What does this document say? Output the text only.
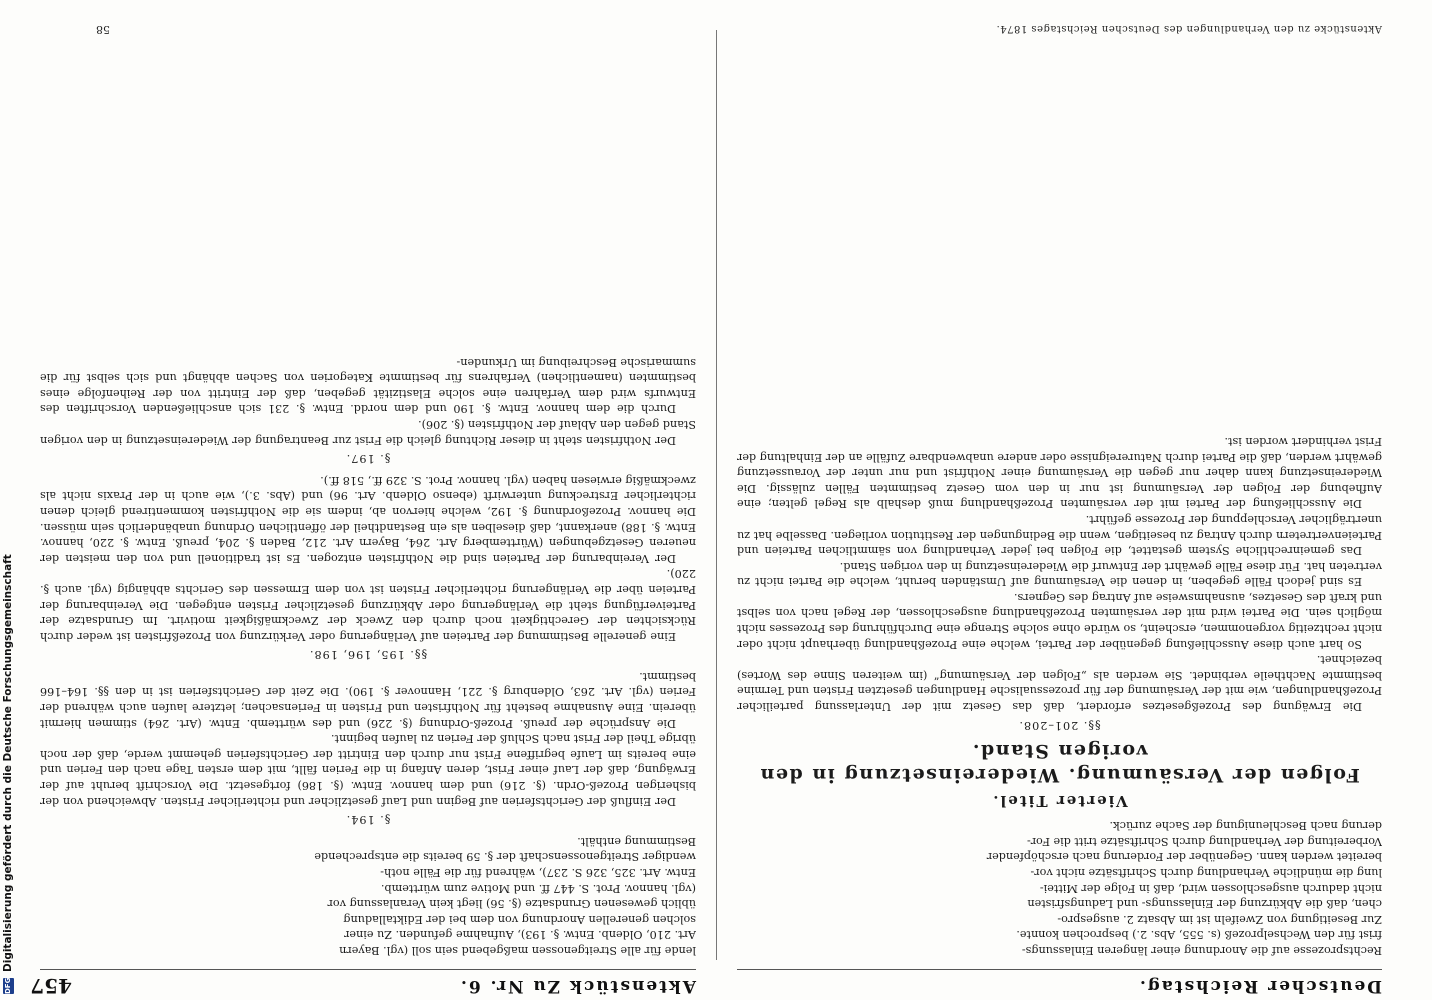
Deutscher Reichstag.
Aktenstück Zu Nr. 6.
457

Rechtsprozesse auf die Anordnung einer längeren Einlassungs-

frist für den Wechselprozeß (s. 555, Abs. 2.) besprochen konnte.

Zur Beseitigung von Zweifeln ist im Absatz 2. ausgespro-

chen, daß die Abkürzung der Einlassungs- und Ladungsfristen

nicht dadurch ausgeschlossen wird, daß in Folge der Mittei-

lung die mündliche Verhandlung durch Schriftsätze nicht vor-

bereitet werden kann. Gegenüber der Forderung nach erschöpfender

Vorbereitung der Verhandlung durch Schriftsätze tritt die For-

derung nach Beschleunigung der Sache zurück.

Vierter Titel.
Folgen der Versäumung. Wiedereinsetzung in den vorigen Stand.
§§. 201–208.

Die Erwägung des Prozeßgesetzes erfordert, daß das Gesetz mit der Unterlassung parteilicher Prozeßhandlungen, wie mit der Versäumung der für prozessualische Handlungen gesetzten Fristen und Termine bestimmte Nachtheile verbindet. Sie werden als „Folgen der Versäumung“ (im weiteren Sinne des Wortes) bezeichnet.

So hart auch diese Ausschließung gegenüber der Partei, welche eine Prozeßhandlung überhaupt nicht oder nicht rechtzeitig vorgenommen, erscheint, so würde ohne solche Strenge eine Durchführung des Prozesses nicht möglich sein. Die Partei wird mit der versäumten Prozeßhandlung ausgeschlossen, der Regel nach von selbst und kraft des Gesetzes, ausnahmsweise auf Antrag des Gegners.

Es sind jedoch Fälle gegeben, in denen die Versäumung auf Umständen beruht, welche die Partei nicht zu vertreten hat. Für diese Fälle gewährt der Entwurf die Wiedereinsetzung in den vorigen Stand.

Das gemeinrechtliche System gestattet, die Folgen bei jeder Verhandlung von sämmtlichen Parteien und Parteienvertretern durch Antrag zu beseitigen, wenn die Bedingungen der Restitution vorliegen. Dasselbe hat zu unerträglicher Verschleppung der Prozesse geführt.

Die Ausschließung der Partei mit der versäumten Prozeßhandlung muß deshalb als Regel gelten; eine Aufhebung der Folgen der Versäumung ist nur in den vom Gesetz bestimmten Fällen zulässig. Die Wiedereinsetzung kann daher nur gegen die Versäumung einer Nothfrist und nur unter der Voraussetzung gewährt werden, daß die Partei durch Naturereignisse oder andere unabwendbare Zufälle an der Einhaltung der Frist verhindert worden ist.

lende für alle Streitgenossen maßgebend sein soll (vgl. Bayern

Art. 210, Oldenb. Entw. §. 193), Aufnahme gefunden. Zu einer

solchen generellen Anordnung von dem bei der Ediktalladung

üblich gewesenen Grundsatze (§. 56) liegt kein Veranlassung vor

(vgl. hannov. Prot. S. 447 ff. und Motive zum württemb.

Entw. Art. 325, 326 S. 237), während für die Fälle noth-

wendiger Streitgenossenschaft der §. 59 bereits die entsprechende

Bestimmung enthält.

§. 194.

Der Einfluß der Gerichtsferien auf Beginn und Lauf gesetzlicher und richterlicher Fristen. Abweichend von der bisherigen Prozeß-Ordn. (§. 216) und dem hannov. Entw. (§. 186) fortgesetzt. Die Vorschrift beruht auf der Erwägung, daß der Lauf einer Frist, deren Anfang in die Ferien fällt, mit dem ersten Tage nach den Ferien und eine bereits im Laufe begriffene Frist nur durch den Eintritt der Gerichtsferien gehemmt werde, daß der noch übrige Theil der Frist nach Schluß der Ferien zu laufen beginnt.

Die Ansprüche der preuß. Prozeß-Ordnung (§. 226) und des württemb. Entw. (Art. 264) stimmen hiermit überein. Eine Ausnahme besteht für Nothfristen und Fristen in Feriensachen; letztere laufen auch während der Ferien (vgl. Art. 263, Oldenburg §. 221, Hannover §. 190). Die Zeit der Gerichtsferien ist in den §§. 164–166 bestimmt.

§§. 195, 196, 198.

Eine generelle Bestimmung der Parteien auf Verlängerung oder Verkürzung von Prozeßfristen ist weder durch Rücksichten der Gerechtigkeit noch durch den Zweck der Zweckmäßigkeit motivirt. Im Grundsatze der Parteiverfügung steht die Verlängerung oder Abkürzung gesetzlicher Fristen entgegen. Die Vereinbarung der Parteien über die Verlängerung richterlicher Fristen ist von dem Ermessen des Gerichts abhängig (vgl. auch §. 220).

Der Vereinbarung der Parteien sind die Nothfristen entzogen. Es ist traditionell und von den meisten der neueren Gesetzgebungen (Württemberg Art. 264, Bayern Art. 212, Baden §. 204, preuß. Entw. §. 220, hannov. Entw. §. 188) anerkannt, daß dieselben als ein Bestandtheil der öffentlichen Ordnung unabänderlich sein müssen. Die hannov. Prozeßordnung §. 192, welche hiervon ab, indem sie die Nothfristen kommentirend gleich denen richterlicher Erstreckung unterwirft (ebenso Oldenb. Art. 96) und (Abs. 3.), wie auch in der Praxis nicht als zweckmäßig erwiesen haben (vgl. hannov. Prot. S. 329 ff., 518 ff.).

§. 197.

Der Nothfristen steht in dieser Richtung gleich die Frist zur Beantragung der Wiedereinsetzung in den vorigen Stand gegen den Ablauf der Nothfristen (§. 206).

Durch die dem hannov. Entw. §. 190 und dem nordd. Entw. §. 231 sich anschließenden Vorschriften des Entwurfs wird dem Verfahren eine solche Elastizität gegeben, daß der Eintritt von der Reihenfolge eines bestimmten (namentlichen) Verfahrens für bestimmte Kategorien von Sachen abhängt und sich selbst für die summarische Beschreibung im Urkunden-

Aktenstücke zu den Verhandlungen des Deutschen Reichstages 1874.
58
DFG
Digitalisierung gefördert durch die Deutsche Forschungsgemeinschaft
